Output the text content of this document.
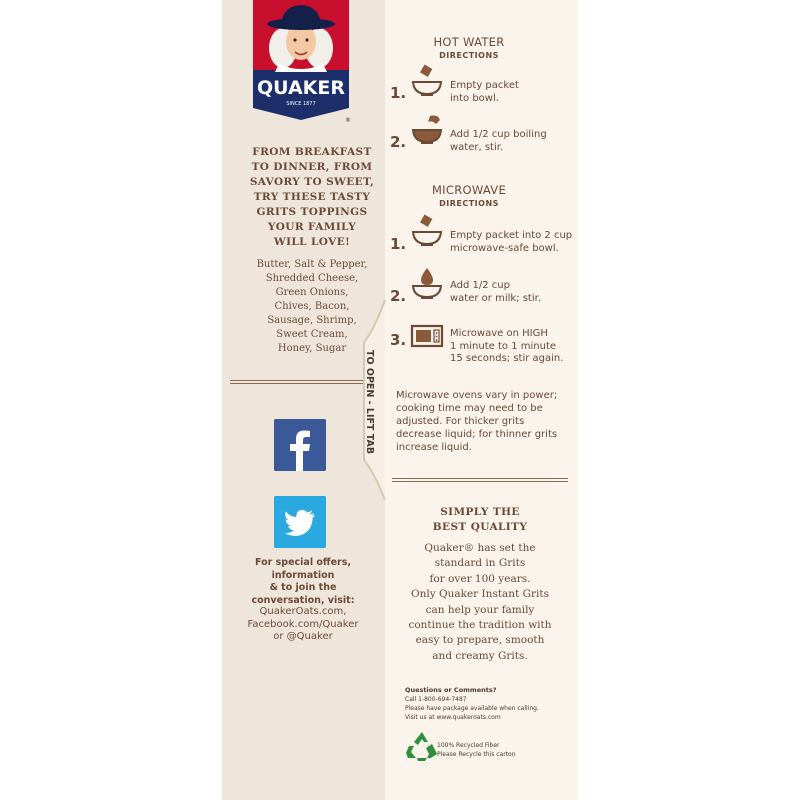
QUAKER
SINCE 1877
®
FROM BREAKFAST
TO DINNER, FROM
SAVORY TO SWEET,
TRY THESE TASTY
GRITS TOPPINGS
YOUR FAMILY
WILL LOVE!
Butter, Salt & Pepper,
Shredded Cheese,
Green Onions,
Chives, Bacon,
Sausage, Shrimp,
Sweet Cream,
Honey, Sugar
For special offers,
information
& to join the
conversation, visit:
QuakerOats.com,
Facebook.com/Quaker
or @Quaker
TO OPEN - LIFT TAB
HOT WATER
DIRECTIONS
1.	Empty packet
into bowl.
2.	Add 1/2 cup boiling
water, stir.
MICROWAVE
DIRECTIONS
1.	Empty packet into 2 cup
microwave-safe bowl.
2.
Add 1/2 cup
water or milk; stir.
3.	Microwave on HIGH
1 minute to 1 minute
15 seconds; stir again.
Microwave ovens vary in power;
cooking time may need to be
adjusted. For thicker grits
decrease liquid; for thinner grits
increase liquid.
SIMPLY THE
BEST QUALITY
Quaker® has set the
standard in Grits
for over 100 years.
Only Quaker Instant Grits
can help your family
continue the tradition with
easy to prepare, smooth
and creamy Grits.
Questions or Comments?
Call 1-800-694-7487
Please have package available when calling.
Visit us at www.quakeroats.com
100% Recycled Fiber
Please Recycle this carton
